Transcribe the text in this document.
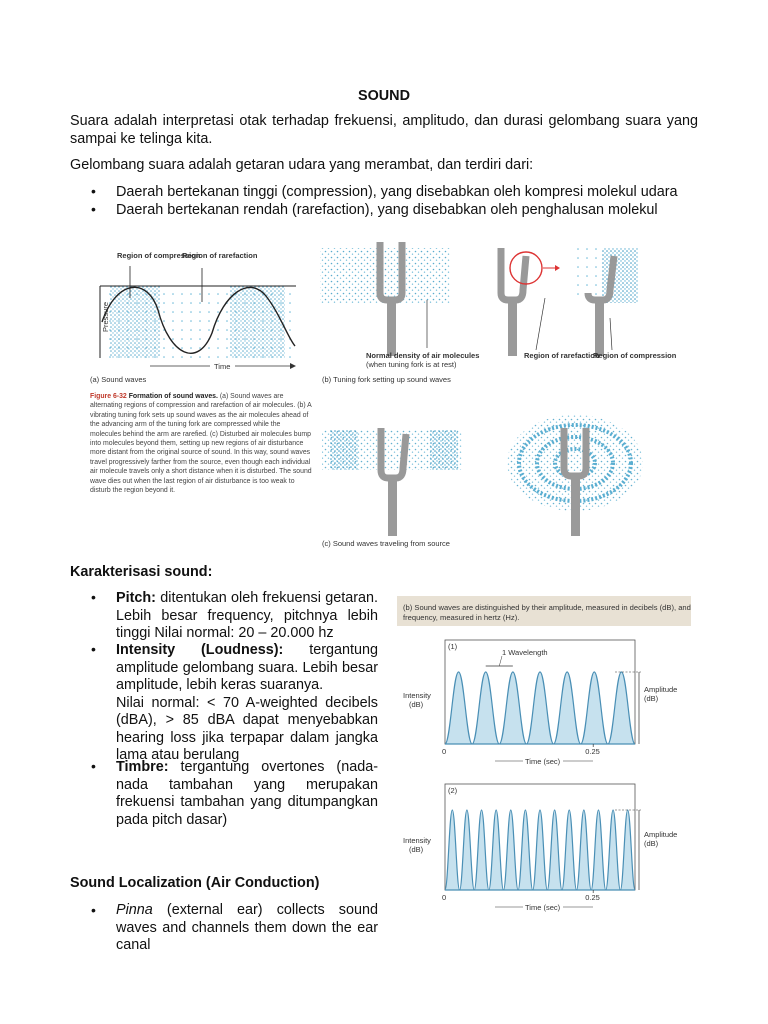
SOUND
Suara adalah interpretasi otak terhadap frekuensi, amplitudo, dan durasi gelombang suara yang sampai ke telinga kita.
Gelombang suara adalah getaran udara yang merambat, dan terdiri dari:
• Daerah bertekanan tinggi (compression), yang disebabkan oleh kompresi molekul udara
• Daerah bertekanan rendah (rarefaction), yang disebabkan oleh penghalusan molekul
Region of compression
Region of rarefaction
Pressure
Time
(a) Sound waves
Normal density of air molecules
(when tuning fork is at rest)
Region of rarefaction
Region of compression
(b) Tuning fork setting up sound waves
(c) Sound waves traveling from source
Figure 6-32 Formation of sound waves. (a) Sound waves are alternating regions of compression and rarefaction of air molecules. (b) A vibrating tuning fork sets up sound waves as the air molecules ahead of the advancing arm of the tuning fork are compressed while the molecules behind the arm are rarefied. (c) Disturbed air molecules bump into molecules beyond them, setting up new regions of air disturbance more distant from the original source of sound. In this way, sound waves travel progressively farther from the source, even though each individual air molecule travels only a short distance when it is disturbed. The sound wave dies out when the last region of air disturbance is too weak to disturb the region beyond it.
Karakterisasi sound:
• Pitch: ditentukan oleh frekuensi getaran. Lebih besar frequency, pitchnya lebih tinggi Nilai normal: 20 – 20.000 hz
• Intensity (Loudness): tergantung amplitude gelombang suara. Lebih besar amplitude, lebih keras suaranya.
Nilai normal: < 70 A-weighted decibels (dBA), > 85 dBA dapat menyebabkan hearing loss jika terpapar dalam jangka lama atau berulang
• Timbre: tergantung overtones (nada-nada tambahan yang merupakan frekuensi tambahan yang ditumpangkan pada pitch dasar)
(b) Sound waves are distinguished by their amplitude, measured in decibels (dB), and frequency, measured in hertz (Hz).
(1)
Amplitude
(dB)
Intensity
(dB)
0	0.25
Time (sec)
1 Wavelength
(2)
Amplitude
(dB)
Intensity
(dB)
0	0.25
Time (sec)
Sound Localization (Air Conduction)
• Pinna (external ear) collects sound waves and channels them down the ear canal
